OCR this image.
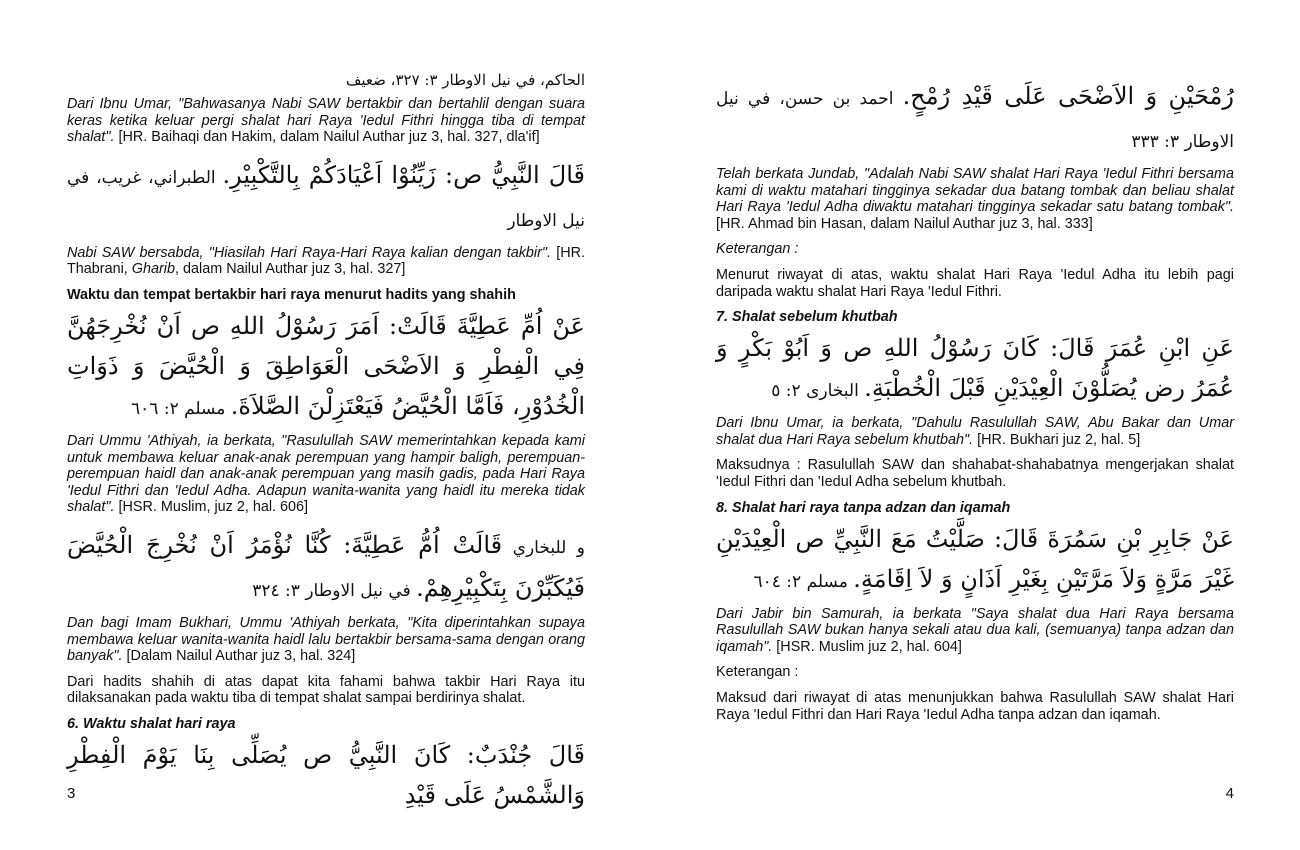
الحاكم، في نيل الاوطار ٣: ٣٢٧، ضعيف

Dari Ibnu Umar, "Bahwasanya Nabi SAW bertakbir dan bertahlil dengan suara keras ketika keluar pergi shalat hari Raya 'Iedul Fithri hingga tiba di tempat shalat". [HR. Baihaqi dan Hakim, dalam Nailul Authar juz 3, hal. 327, dla'if]

قَالَ النَّبِيُّ ص: زَيِّنُوْا اَعْيَادَكُمْ بِالتَّكْبِيْرِ. الطبراني، غريب، في نيل الاوطار

Nabi SAW bersabda, "Hiasilah Hari Raya-Hari Raya kalian dengan takbir". [HR. Thabrani, Gharib, dalam Nailul Authar juz 3, hal. 327]

Waktu dan tempat bertakbir hari raya menurut hadits yang shahih

عَنْ اُمِّ عَطِيَّةَ قَالَتْ: اَمَرَ رَسُوْلُ اللهِ ص اَنْ نُخْرِجَهُنَّ فِي الْفِطْرِ وَ الاَضْحَى الْعَوَاطِقَ وَ الْحُيَّضَ وَ ذَوَاتِ الْخُدُوْرِ، فَاَمَّا الْحُيَّضُ فَيَعْتَزِلْنَ الصَّلاَةَ. مسلم ٢: ٦٠٦

Dari Ummu 'Athiyah, ia berkata, "Rasulullah SAW memerintahkan kepada kami untuk membawa keluar anak-anak perempuan yang hampir baligh, perempuan-perempuan haidl dan anak-anak perempuan yang masih gadis, pada Hari Raya 'Iedul Fithri dan 'Iedul Adha. Adapun wanita-wanita yang haidl itu mereka tidak shalat". [HSR. Muslim, juz 2, hal. 606]

و للبخاري قَالَتْ اُمُّ عَطِيَّةَ: كُنَّا نُؤْمَرُ اَنْ نُخْرِجَ الْحُيَّضَ فَيُكَبِّرْنَ بِتَكْبِيْرِهِمْ. في نيل الاوطار ٣: ٣٢٤

Dan bagi Imam Bukhari, Ummu 'Athiyah berkata, "Kita diperintahkan supaya membawa keluar wanita-wanita haidl lalu bertakbir bersama-sama dengan orang banyak". [Dalam Nailul Authar juz 3, hal. 324]

Dari hadits shahih di atas dapat kita fahami bahwa takbir Hari Raya itu dilaksanakan pada waktu tiba di tempat shalat sampai berdirinya shalat.

6. Waktu shalat hari raya

قَالَ جُنْدَبٌ: كَانَ النَّبِيُّ ص يُصَلِّى بِنَا يَوْمَ الْفِطْرِ وَالشَّمْسُ عَلَى قَيْدِ

3

رُمْحَيْنِ وَ الاَضْحَى عَلَى قَيْدِ رُمْحٍ. احمد بن حسن، في نيل الاوطار ٣: ٣٣٣

Telah berkata Jundab, "Adalah Nabi SAW shalat Hari Raya 'Iedul Fithri bersama kami di waktu matahari tingginya sekadar dua batang tombak dan beliau shalat Hari Raya 'Iedul Adha diwaktu matahari tingginya sekadar satu batang tombak". [HR. Ahmad bin Hasan, dalam Nailul Authar juz 3, hal. 333]

Keterangan :

Menurut riwayat di atas, waktu shalat Hari Raya 'Iedul Adha itu lebih pagi daripada waktu shalat Hari Raya 'Iedul Fithri.

7. Shalat sebelum khutbah

عَنِ ابْنِ عُمَرَ قَالَ: كَانَ رَسُوْلُ اللهِ ص وَ اَبُوْ بَكْرٍ وَ عُمَرُ رض يُصَلُّوْنَ الْعِيْدَيْنِ قَبْلَ الْخُطْبَةِ. البخارى ٢: ٥

Dari Ibnu Umar, ia berkata, "Dahulu Rasulullah SAW, Abu Bakar dan Umar shalat dua Hari Raya sebelum khutbah". [HR. Bukhari juz 2, hal. 5]

Maksudnya : Rasulullah SAW dan shahabat-shahabatnya mengerjakan shalat 'Iedul Fithri dan 'Iedul Adha sebelum khutbah.

8. Shalat hari raya tanpa adzan dan iqamah

عَنْ جَابِرِ بْنِ سَمُرَةَ قَالَ: صَلَّيْتُ مَعَ النَّبِيِّ ص الْعِيْدَيْنِ غَيْرَ مَرَّةٍ وَلاَ مَرَّتَيْنِ بِغَيْرِ اَذَانٍ وَ لاَ اِقَامَةٍ. مسلم ٢: ٦٠٤

Dari Jabir bin Samurah, ia berkata "Saya shalat dua Hari Raya bersama Rasulullah SAW bukan hanya sekali atau dua kali, (semuanya) tanpa adzan dan iqamah". [HSR. Muslim juz 2, hal. 604]

Keterangan :

Maksud dari riwayat di atas menunjukkan bahwa Rasulullah SAW shalat Hari Raya 'Iedul Fithri dan Hari Raya 'Iedul Adha tanpa adzan dan iqamah.

4
